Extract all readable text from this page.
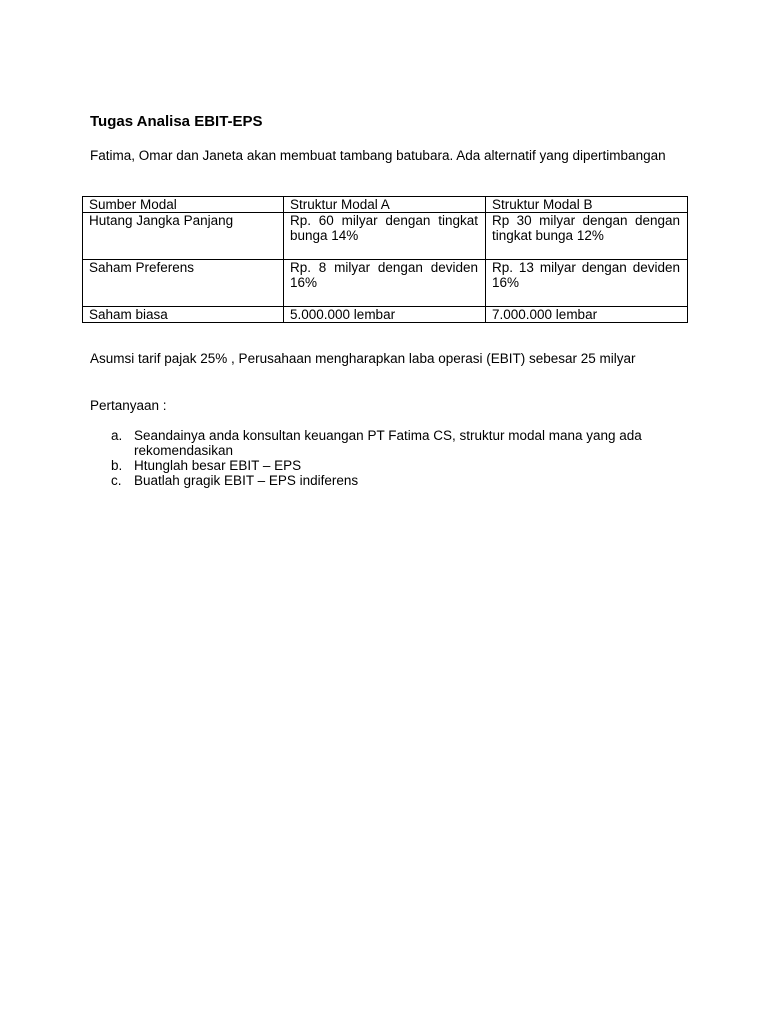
Tugas Analisa EBIT-EPS
Fatima, Omar dan Janeta akan membuat tambang batubara. Ada alternatif yang dipertimbangan
Sumber Modal	Struktur Modal A	Struktur Modal B
Hutang Jangka Panjang	Rp. 60 milyar dengan tingkat bunga 14%	Rp 30 milyar dengan dengan tingkat bunga 12%
Saham Preferens	Rp. 8 milyar dengan deviden 16%	Rp. 13 milyar dengan deviden 16%
Saham biasa	5.000.000 lembar	7.000.000 lembar
Asumsi tarif pajak 25% , Perusahaan mengharapkan laba operasi (EBIT) sebesar 25 milyar
Pertanyaan :
a. Seandainya anda konsultan keuangan PT Fatima CS, struktur modal mana yang ada rekomendasikan
b. Htunglah besar EBIT – EPS
c. Buatlah gragik EBIT – EPS indiferens
